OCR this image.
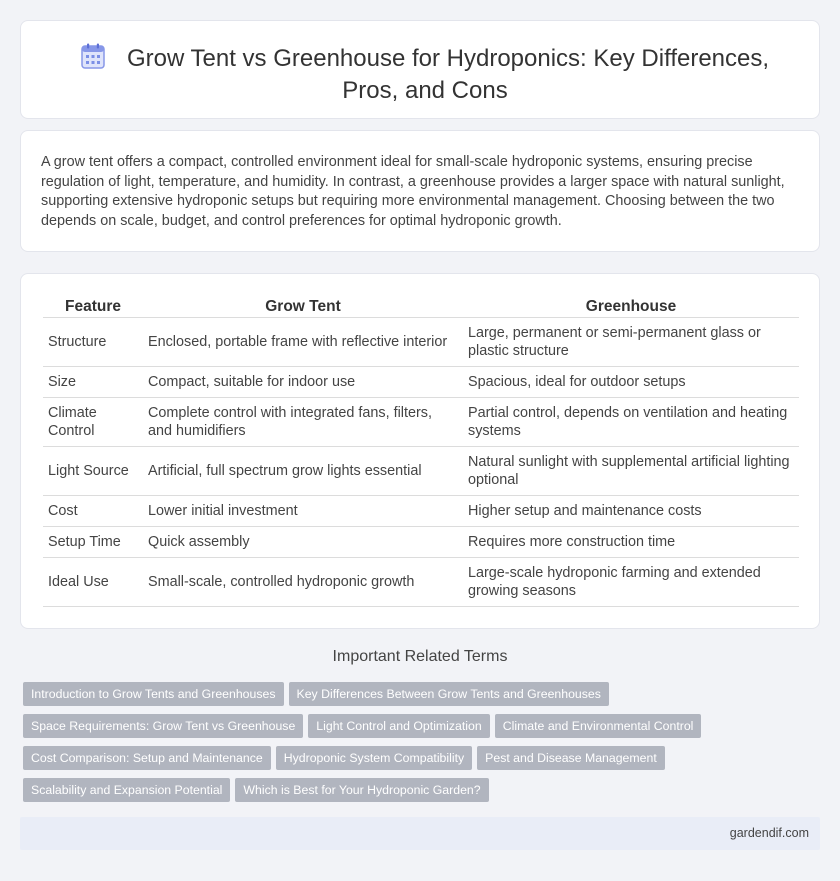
Grow Tent vs Greenhouse for Hydroponics: Key Differences, Pros, and Cons

A grow tent offers a compact, controlled environment ideal for small-scale hydroponic systems, ensuring precise regulation of light, temperature, and humidity. In contrast, a greenhouse provides a larger space with natural sunlight, supporting extensive hydroponic setups but requiring more environmental management. Choosing between the two depends on scale, budget, and control preferences for optimal hydroponic growth.

Feature	Grow Tent	Greenhouse
Structure	Enclosed, portable frame with reflective interior	Large, permanent or semi-permanent glass or plastic structure
Size	Compact, suitable for indoor use	Spacious, ideal for outdoor setups
Climate Control	Complete control with integrated fans, filters, and humidifiers	Partial control, depends on ventilation and heating systems
Light Source	Artificial, full spectrum grow lights essential	Natural sunlight with supplemental artificial lighting optional
Cost	Lower initial investment	Higher setup and maintenance costs
Setup Time	Quick assembly	Requires more construction time
Ideal Use	Small-scale, controlled hydroponic growth	Large-scale hydroponic farming and extended growing seasons
Important Related Terms
Introduction to Grow Tents and Greenhouses Key Differences Between Grow Tents and Greenhouses
Space Requirements: Grow Tent vs Greenhouse Light Control and Optimization Climate and Environmental Control
Cost Comparison: Setup and Maintenance Hydroponic System Compatibility Pest and Disease Management
Scalability and Expansion Potential Which is Best for Your Hydroponic Garden?
gardendif.com
